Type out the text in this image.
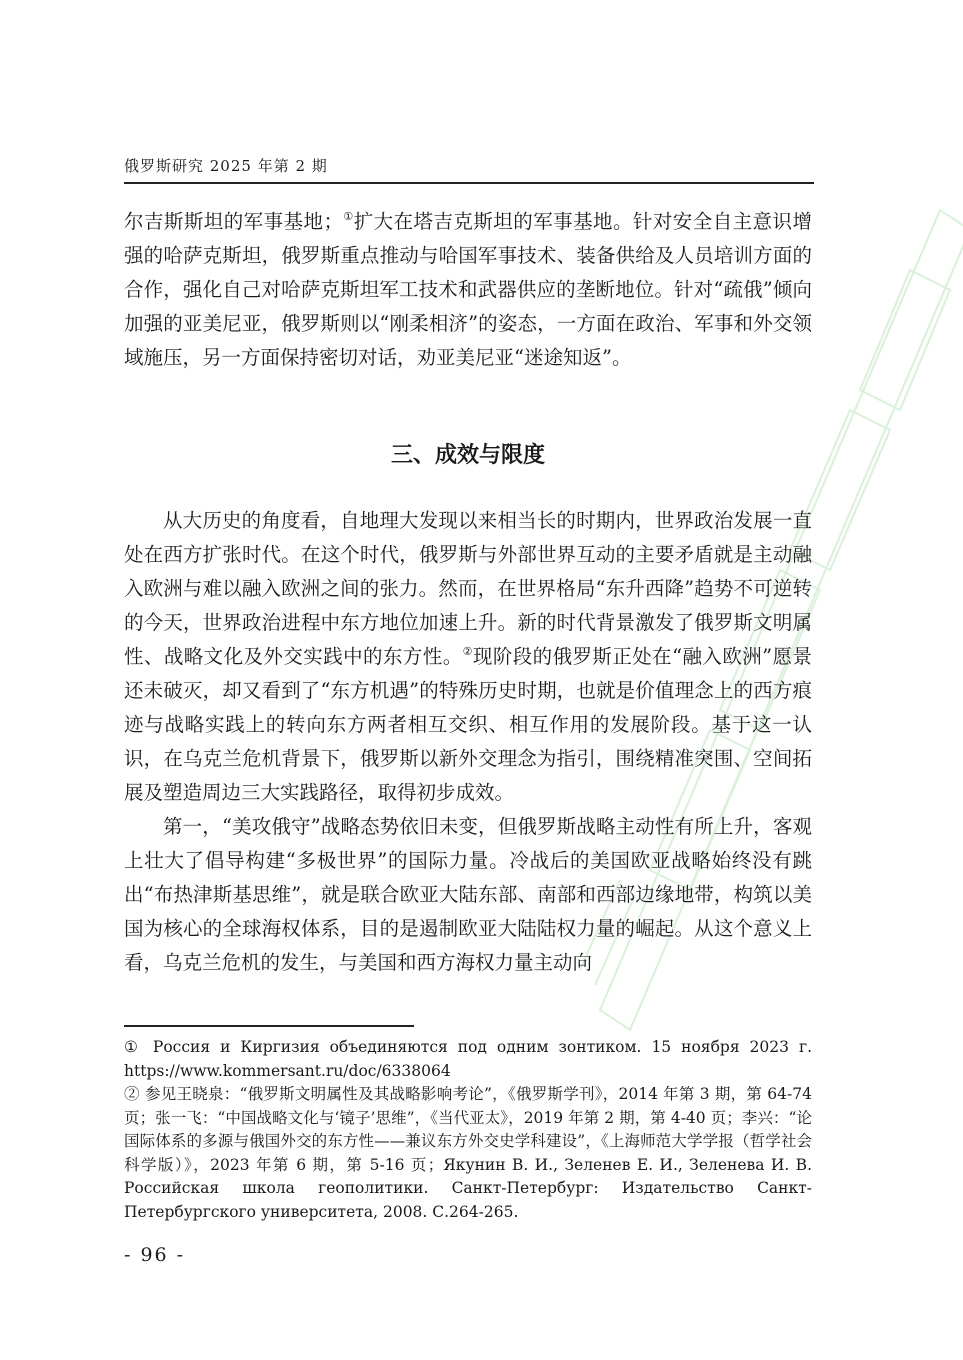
俄罗斯研究 2025 年第 2 期

尔吉斯斯坦的军事基地；①扩大在塔吉克斯坦的军事基地。针对安全自主意识增强的哈萨克斯坦，俄罗斯重点推动与哈国军事技术、装备供给及人员培训方面的合作，强化自己对哈萨克斯坦军工技术和武器供应的垄断地位。针对“疏俄”倾向加强的亚美尼亚，俄罗斯则以“刚柔相济”的姿态，一方面在政治、军事和外交领域施压，另一方面保持密切对话，劝亚美尼亚“迷途知返”。

三、成效与限度

从大历史的角度看，自地理大发现以来相当长的时期内，世界政治发展一直处在西方扩张时代。在这个时代，俄罗斯与外部世界互动的主要矛盾就是主动融入欧洲与难以融入欧洲之间的张力。然而，在世界格局“东升西降”趋势不可逆转的今天，世界政治进程中东方地位加速上升。新的时代背景激发了俄罗斯文明属性、战略文化及外交实践中的东方性。②现阶段的俄罗斯正处在“融入欧洲”愿景还未破灭，却又看到了“东方机遇”的特殊历史时期，也就是价值理念上的西方痕迹与战略实践上的转向东方两者相互交织、相互作用的发展阶段。基于这一认识，在乌克兰危机背景下，俄罗斯以新外交理念为指引，围绕精准突围、空间拓展及塑造周边三大实践路径，取得初步成效。

第一，“美攻俄守”战略态势依旧未变，但俄罗斯战略主动性有所上升，客观上壮大了倡导构建“多极世界”的国际力量。冷战后的美国欧亚战略始终没有跳出“布热津斯基思维”，就是联合欧亚大陆东部、南部和西部边缘地带，构筑以美国为核心的全球海权体系，目的是遏制欧亚大陆陆权力量的崛起。从这个意义上看，乌克兰危机的发生，与美国和西方海权力量主动向

① Россия и Киргизия объединяются под одним зонтиком. 15 ноября 2023 г. https://www.kommersant.ru/doc/6338064

② 参见王晓泉：“俄罗斯文明属性及其战略影响考论”，《俄罗斯学刊》，2014 年第 3 期，第 64-74 页；张一飞：“中国战略文化与‘镜子’思维”，《当代亚太》，2019 年第 2 期，第 4-40 页；李兴：“论国际体系的多源与俄国外交的东方性——兼议东方外交史学科建设”，《上海师范大学学报（哲学社会科学版）》，2023 年第 6 期，第 5-16 页；Якунин В. И., Зеленев Е. И., Зеленева И. В. Российская школа геополитики. Санкт-Петербург: Издательство Санкт-Петербургского университета, 2008. С.264-265.

- 96 -
